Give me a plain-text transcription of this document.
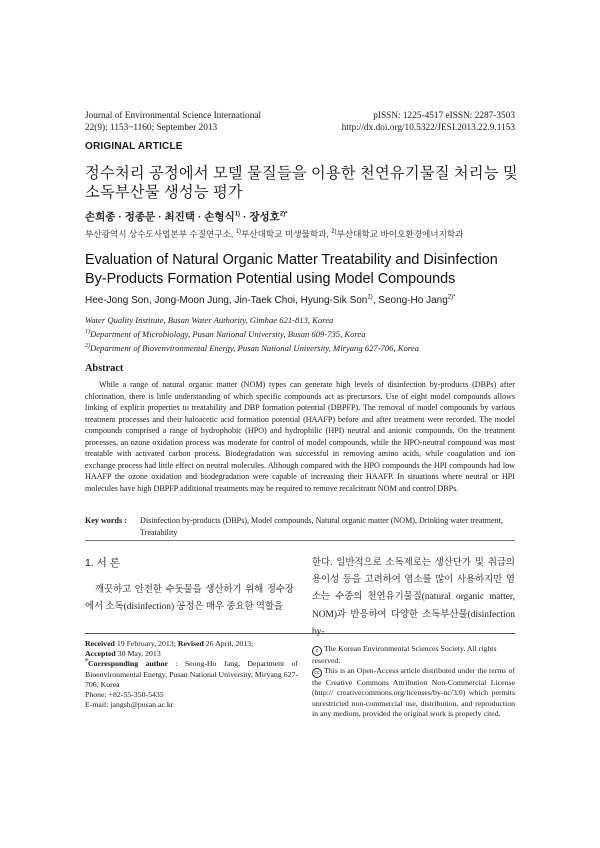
Journal of Environmental Science International
22(9); 1153~1160; September 2013
pISSN: 1225-4517 eISSN: 2287-3503
http://dx.doi.org/10.5322/JESI.2013.22.9.1153
ORIGINAL ARTICLE
정수처리 공정에서 모델 물질들을 이용한 천연유기물질 처리능 및
소독부산물 생성능 평가
손희종 · 정종문 · 최진택 · 손형식$^{1)}$ · 장성호$^{2)*}$
부산광역시 상수도사업본부 수질연구소, $^{1)}$부산대학교 미생물학과, $^{2)}$부산대학교 바이오환경에너지학과
Evaluation of Natural Organic Matter Treatability and Disinfection
By-Products Formation Potential using Model Compounds
Hee-Jong Son, Jong-Moon Jung, Jin-Taek Choi, Hyung-Sik Son$^{1)}$, Seong-Ho Jang$^{2)*}$
Water Quality Institute, Busan Water Authority, Gimhae 621-813, Korea
$^{1)}$Department of Microbiology, Pusan National University, Busan 609-735, Korea
$^{2)}$Department of Biovenvironmental Energy, Pusan National University, Miryang 627-706, Korea
Abstract
While a range of natural organic matter (NOM) types can generate high levels of disinfection by-products (DBPs) after chlorination, there is little understanding of which specific compounds act as precursors. Use of eight model compounds allows linking of explicit properties to treatability and DBP formation potential (DBPFP). The removal of model compounds by various treatment processes and their haloacetic acid formation potential (HAAFP) before and after treatment were recorded. The model compounds comprised a range of hydrophobic (HPO) and hydrophilic (HPI) neutral and anionic compounds. On the treatment processes, an ozone oxidation process was moderate for control of model compounds, while the HPO-neutral compound was most treatable with activated carbon process. Biodegradation was successful in removing amino acids, while coagulation and ion exchange process had little effect on neutral molecules. Although compared with the HPO compounds the HPI compounds had low HAAFP the ozone oxidation and biodegradation were capable of increasing their HAAFP. In situations where neutral or HPI molecules have high DBPFP additional treatments may be required to remove recalcitrant NOM and control DBPs.
Key words :	Disinfection by-products (DBPs), Model compounds, Natural organic matter (NOM), Drinking water treatment, Treatability
1. 서 론
깨끗하고 안전한 수돗물을 생산하기 위해 정수장에서 소독(disinfection) 공정은 매우 중요한 역할을
한다. 일반적으로 소독제로는 생산단가 및 취급의 용이성 등을 고려하여 염소를 많이 사용하지만 염소는 수중의 천연유기물질(natural organic matter, NOM)과 반응하여 다양한 소독부산물(disinfection by-
Received 19 February, 2013; Revised 26 April, 2013;
Accepted 30 May, 2013
*Corresponding author : Seong-Ho Jang, Department of Bioenvironmental Energy, Pusan National University, Miryang 627-706, Korea
Phone: +82-55-350-5435
E-mail: jangsh@pusan.ac.kr
c The Korean Environmental Sciences Society. All rights reserved.
cc This is an Open-Access article distributed under the terms of the Creative Commons Attribution Non-Commercial License (http:// creativecommons.org/licenses/by-nc/3.0) which permits unrestricted non-commercial use, distribution, and reproduction in any medium, provided the original work is properly cited.
